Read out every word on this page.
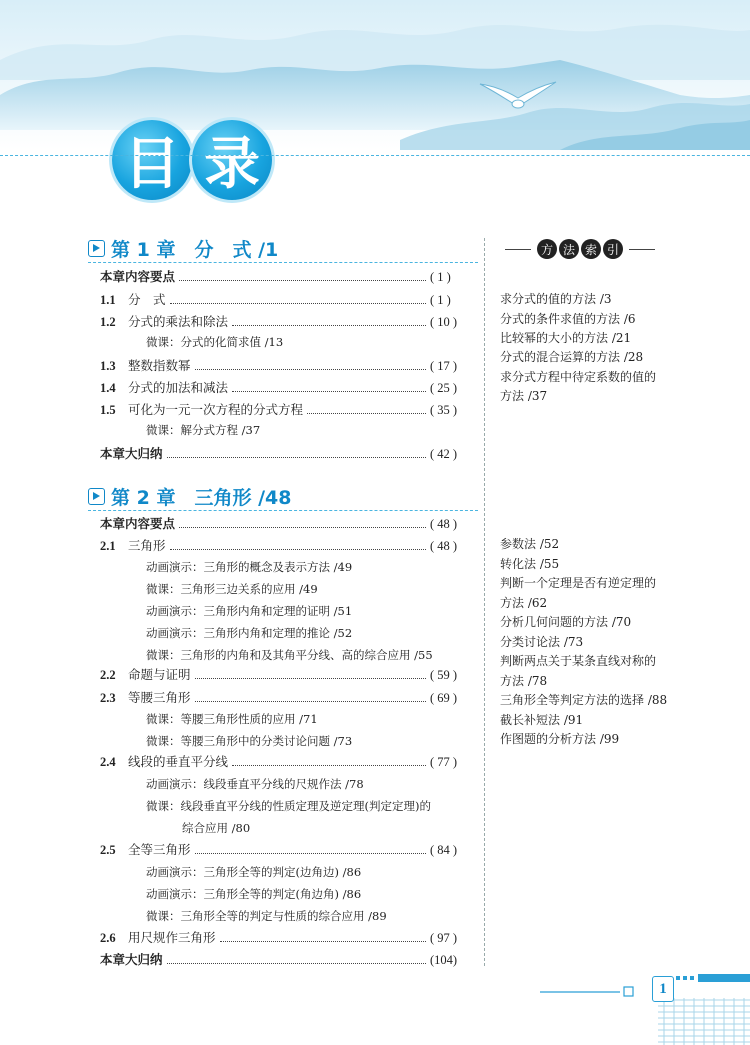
目 录
第 1 章　分　式 /1
本章内容要点	( 1 )
1.1 分　式	( 1 )
1.2 分式的乘法和除法	( 10 )
微课：分式的化简求值 /13
1.3 整数指数幂	( 17 )
1.4 分式的加法和减法	( 25 )
1.5 可化为一元一次方程的分式方程	( 35 )
微课：解分式方程 /37
本章大归纳	( 42 )
第 2 章　三角形 /48
本章内容要点	( 48 )
2.1 三角形	( 48 )
动画演示：三角形的概念及表示方法 /49
微课：三角形三边关系的应用 /49
动画演示：三角形内角和定理的证明 /51
动画演示：三角形内角和定理的推论 /52
微课：三角形的内角和及其角平分线、高的综合应用 /55
2.2 命题与证明	( 59 )
2.3 等腰三角形	( 69 )
微课：等腰三角形性质的应用 /71
微课：等腰三角形中的分类讨论问题 /73
2.4 线段的垂直平分线	( 77 )
动画演示：线段垂直平分线的尺规作法 /78
微课：线段垂直平分线的性质定理及逆定理(判定定理)的
综合应用 /80
2.5 全等三角形	( 84 )
动画演示：三角形全等的判定(边角边) /86
动画演示：三角形全等的判定(角边角) /86
微课：三角形全等的判定与性质的综合应用 /89
2.6 用尺规作三角形	( 97 )
本章大归纳	(104)
方 法 索 引
求分式的值的方法 /3
分式的条件求值的方法 /6
比较幂的大小的方法 /21
分式的混合运算的方法 /28
求分式方程中待定系数的值的
方法 /37
参数法 /52
转化法 /55
判断一个定理是否有逆定理的
方法 /62
分析几何问题的方法 /70
分类讨论法 /73
判断两点关于某条直线对称的
方法 /78
三角形全等判定方法的选择 /88
截长补短法 /91
作图题的分析方法 /99
1
